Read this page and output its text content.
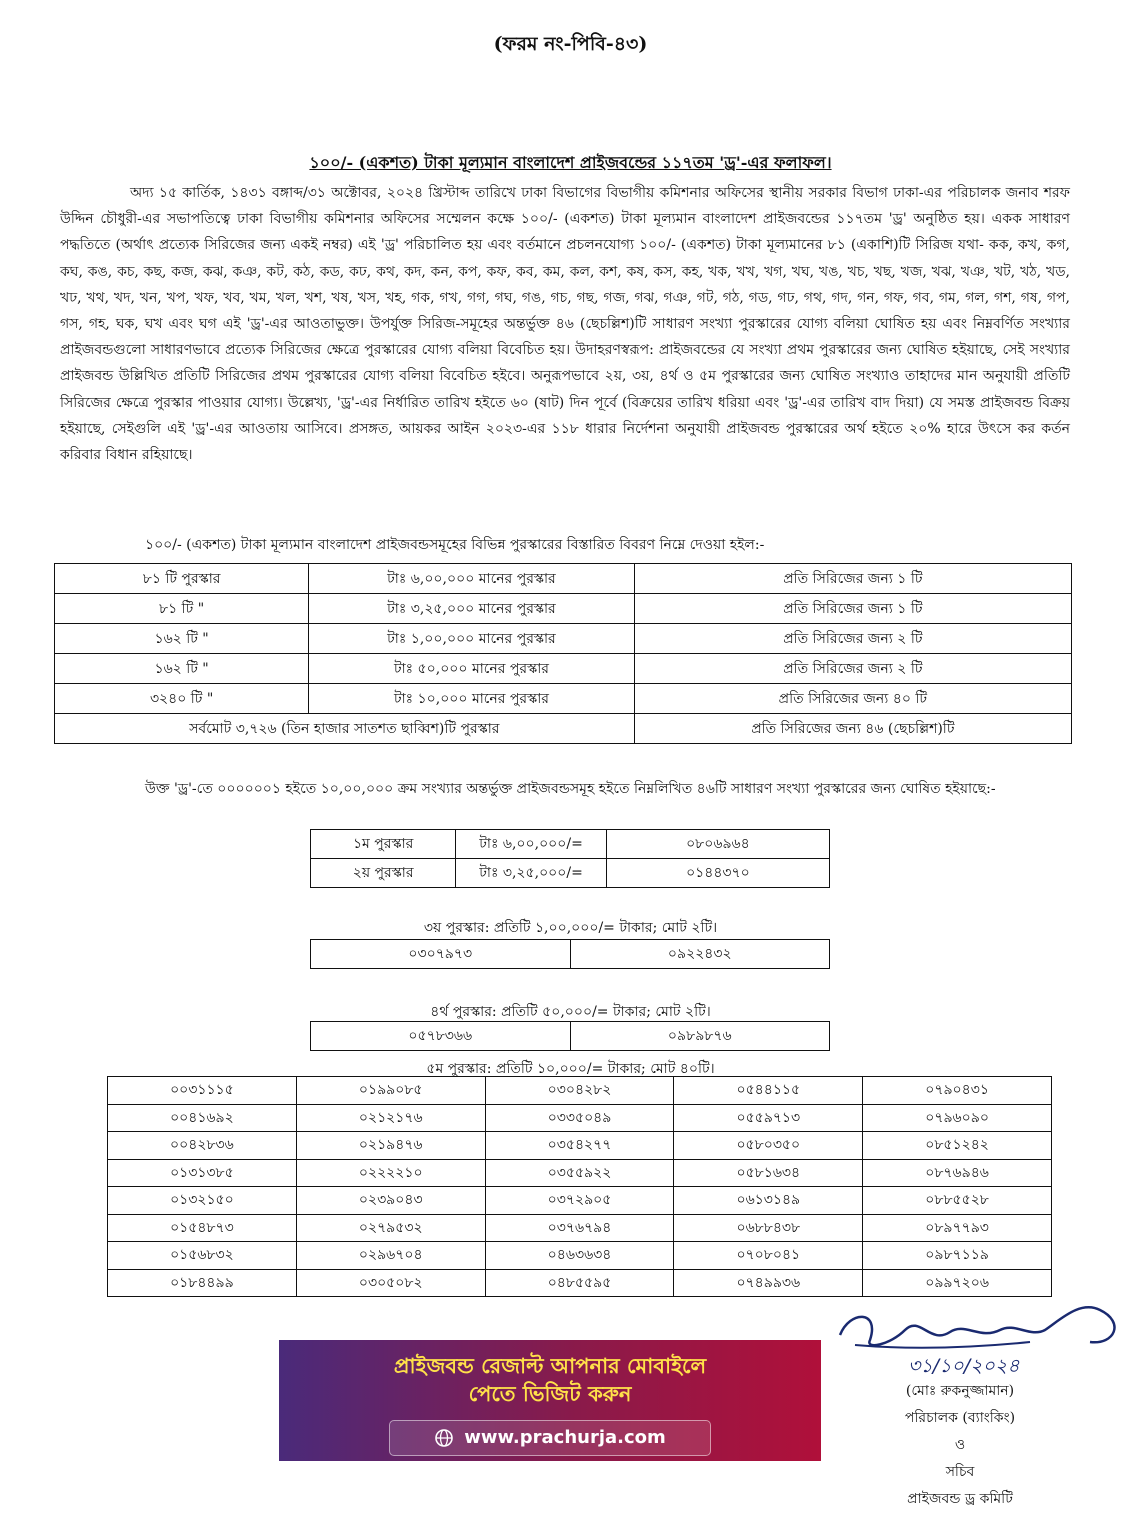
(ফরম নং-পিবি-৪৩)
১০০/- (একশত) টাকা মূল্যমান বাংলাদেশ প্রাইজবন্ডের ১১৭তম 'ড্র'-এর ফলাফল।
অদ্য ১৫ কার্তিক, ১৪৩১ বঙ্গাব্দ/৩১ অক্টোবর, ২০২৪ খ্রিস্টাব্দ তারিখে ঢাকা বিভাগের বিভাগীয় কমিশনার অফিসের স্থানীয় সরকার বিভাগ ঢাকা-এর পরিচালক জনাব শরফ উদ্দিন চৌধুরী-এর সভাপতিত্বে ঢাকা বিভাগীয় কমিশনার অফিসের সম্মেলন কক্ষে ১০০/- (একশত) টাকা মূল্যমান বাংলাদেশ প্রাইজবন্ডের ১১৭তম 'ড্র' অনুষ্ঠিত হয়। একক সাধারণ পদ্ধতিতে (অর্থাৎ প্রত্যেক সিরিজের জন্য একই নম্বর) এই 'ড্র' পরিচালিত হয় এবং বর্তমানে প্রচলনযোগ্য ১০০/- (একশত) টাকা মূল্যমানের ৮১ (একাশি)টি সিরিজ যথা- কক, কখ, কগ, কঘ, কঙ, কচ, কছ, কজ, কঝ, কঞ, কট, কঠ, কড, কঢ, কথ, কদ, কন, কপ, কফ, কব, কম, কল, কশ, কষ, কস, কহ, খক, খখ, খগ, খঘ, খঙ, খচ, খছ, খজ, খঝ, খঞ, খট, খঠ, খড, খঢ, খথ, খদ, খন, খপ, খফ, খব, খম, খল, খশ, খষ, খস, খহ, গক, গখ, গগ, গঘ, গঙ, গচ, গছ, গজ, গঝ, গঞ, গট, গঠ, গড, গঢ, গথ, গদ, গন, গফ, গব, গম, গল, গশ, গষ, গপ, গস, গহ, ঘক, ঘখ এবং ঘগ এই 'ড্র'-এর আওতাভুক্ত। উপর্যুক্ত সিরিজ-সমূহের অন্তর্ভুক্ত ৪৬ (ছেচল্লিশ)টি সাধারণ সংখ্যা পুরস্কারের যোগ্য বলিয়া ঘোষিত হয় এবং নিম্নবর্ণিত সংখ্যার প্রাইজবন্ডগুলো সাধারণভাবে প্রত্যেক সিরিজের ক্ষেত্রে পুরস্কারের যোগ্য বলিয়া বিবেচিত হয়। উদাহরণস্বরূপ: প্রাইজবন্ডের যে সংখ্যা প্রথম পুরস্কারের জন্য ঘোষিত হইয়াছে, সেই সংখ্যার প্রাইজবন্ড উল্লিখিত প্রতিটি সিরিজের প্রথম পুরস্কারের যোগ্য বলিয়া বিবেচিত হইবে। অনুরূপভাবে ২য়, ৩য়, ৪র্থ ও ৫ম পুরস্কারের জন্য ঘোষিত সংখ্যাও তাহাদের মান অনুযায়ী প্রতিটি সিরিজের ক্ষেত্রে পুরস্কার পাওয়ার যোগ্য। উল্লেখ্য, 'ড্র'-এর নির্ধারিত তারিখ হইতে ৬০ (ষাট) দিন পূর্বে (বিক্রয়ের তারিখ ধরিয়া এবং 'ড্র'-এর তারিখ বাদ দিয়া) যে সমস্ত প্রাইজবন্ড বিক্রয় হইয়াছে, সেইগুলি এই 'ড্র'-এর আওতায় আসিবে। প্রসঙ্গত, আয়কর আইন ২০২৩-এর ১১৮ ধারার নির্দেশনা অনুযায়ী প্রাইজবন্ড পুরস্কারের অর্থ হইতে ২০% হারে উৎসে কর কর্তন করিবার বিধান রহিয়াছে।
১০০/- (একশত) টাকা মূল্যমান বাংলাদেশ প্রাইজবন্ডসমূহের বিভিন্ন পুরস্কারের বিস্তারিত বিবরণ নিম্নে দেওয়া হইল:-
৮১ টি পুরস্কার	টাঃ ৬,০০,০০০ মানের পুরস্কার	প্রতি সিরিজের জন্য ১ টি
৮১ টি "	টাঃ ৩,২৫,০০০ মানের পুরস্কার	প্রতি সিরিজের জন্য ১ টি
১৬২ টি "	টাঃ ১,০০,০০০ মানের পুরস্কার	প্রতি সিরিজের জন্য ২ টি
১৬২ টি "	টাঃ ৫০,০০০ মানের পুরস্কার	প্রতি সিরিজের জন্য ২ টি
৩২৪০ টি "	টাঃ ১০,০০০ মানের পুরস্কার	প্রতি সিরিজের জন্য ৪০ টি
সর্বমোট ৩,৭২৬ (তিন হাজার সাতশত ছাব্বিশ)টি পুরস্কার		প্রতি সিরিজের জন্য ৪৬ (ছেচল্লিশ)টি
উক্ত 'ড্র'-তে ০০০০০০১ হইতে ১০,০০,০০০ ক্রম সংখ্যার অন্তর্ভুক্ত প্রাইজবন্ডসমূহ হইতে নিম্নলিখিত ৪৬টি সাধারণ সংখ্যা পুরস্কারের জন্য ঘোষিত হইয়াছে:-
১ম পুরস্কার	টাঃ ৬,০০,০০০/=	০৮০৬৯৬৪
২য় পুরস্কার	টাঃ ৩,২৫,০০০/=	০১৪৪৩৭০
৩য় পুরস্কার: প্রতিটি ১,০০,০০০/= টাকার; মোট ২টি।
০৩০৭৯৭৩	০৯২২৪৩২
৪র্থ পুরস্কার: প্রতিটি ৫০,০০০/= টাকার; মোট ২টি।
০৫৭৮৩৬৬	০৯৮৯৮৭৬
৫ম পুরস্কার: প্রতিটি ১০,০০০/= টাকার; মোট ৪০টি।
০০৩১১১৫	০১৯৯০৮৫	০৩০৪২৮২	০৫৪৪১১৫	০৭৯০৪৩১
০০৪১৬৯২	০২১২১৭৬	০৩৩৫০৪৯	০৫৫৯৭১৩	০৭৯৬০৯০
০০৪২৮৩৬	০২১৯৪৭৬	০৩৫৪২৭৭	০৫৮০৩৫০	০৮৫১২৪২
০১৩১৩৮৫	০২২২২১০	০৩৫৫৯২২	০৫৮১৬৩৪	০৮৭৬৯৪৬
০১৩২১৫০	০২৩৯০৪৩	০৩৭২৯০৫	০৬১৩১৪৯	০৮৮৫৫২৮
০১৫৪৮৭৩	০২৭৯৫৩২	০৩৭৬৭৯৪	০৬৮৮৪৩৮	০৮৯৭৭৯৩
০১৫৬৮৩২	০২৯৬৭০৪	০৪৬৩৬৩৪	০৭০৮০৪১	০৯৮৭১১৯
০১৮৪৪৯৯	০৩০৫০৮২	০৪৮৫৫৯৫	০৭৪৯৯৩৬	০৯৯৭২০৬
৩১/১০/২০২৪
(মোঃ রুকনুজ্জামান)
পরিচালক (ব্যাংকিং)
ও
সচিব
প্রাইজবন্ড ড্র কমিটি
প্রাইজবন্ড রেজাল্ট আপনার মোবাইলে
পেতে ভিজিট করুন
www.prachurja.com
